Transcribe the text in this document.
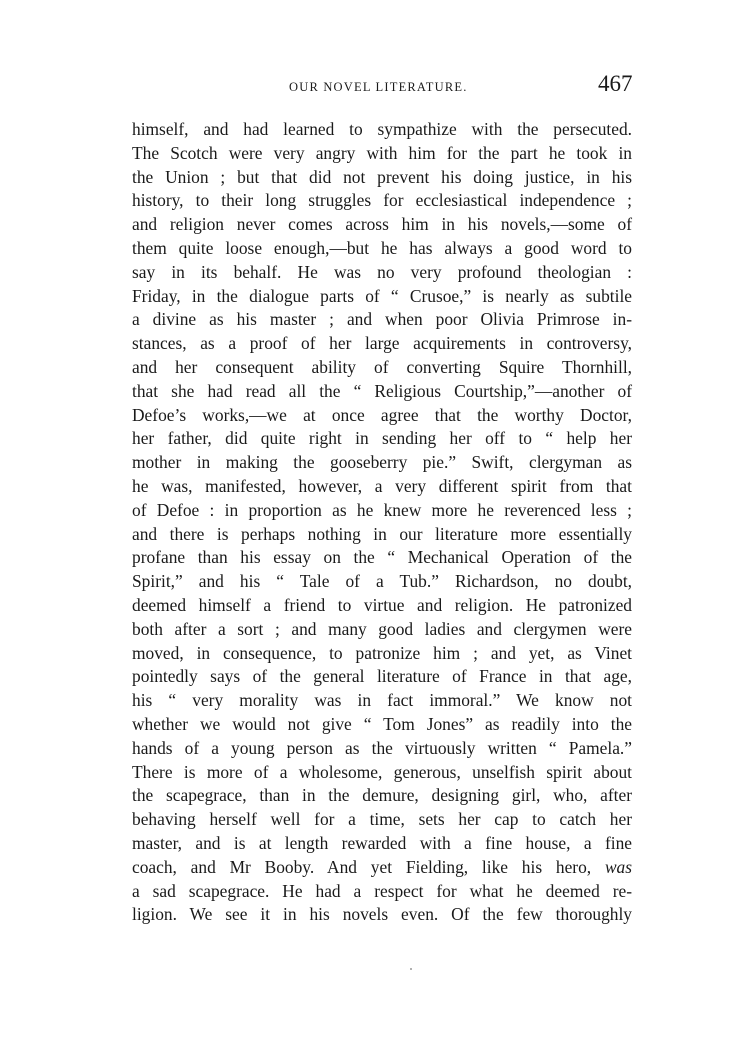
OUR NOVEL LITERATURE.	467
himself, and had learned to sympathize with the persecuted.
The Scotch were very angry with him for the part he took in
the Union ; but that did not prevent his doing justice, in his
history, to their long struggles for ecclesiastical independence ;
and religion never comes across him in his novels,—some of
them quite loose enough,—but he has always a good word to
say in its behalf. He was no very profound theologian :
Friday, in the dialogue parts of “ Crusoe,” is nearly as subtile
a divine as his master ; and when poor Olivia Primrose in-
stances, as a proof of her large acquirements in controversy,
and her consequent ability of converting Squire Thornhill,
that she had read all the “ Religious Courtship,”—another of
Defoe’s works,—we at once agree that the worthy Doctor,
her father, did quite right in sending her off to “ help her
mother in making the gooseberry pie.” Swift, clergyman as
he was, manifested, however, a very different spirit from that
of Defoe : in proportion as he knew more he reverenced less ;
and there is perhaps nothing in our literature more essentially
profane than his essay on the “ Mechanical Operation of the
Spirit,” and his “ Tale of a Tub.” Richardson, no doubt,
deemed himself a friend to virtue and religion. He patronized
both after a sort ; and many good ladies and clergymen were
moved, in consequence, to patronize him ; and yet, as Vinet
pointedly says of the general literature of France in that age,
his “ very morality was in fact immoral.” We know not
whether we would not give “ Tom Jones” as readily into the
hands of a young person as the virtuously written “ Pamela.”
There is more of a wholesome, generous, unselfish spirit about
the scapegrace, than in the demure, designing girl, who, after
behaving herself well for a time, sets her cap to catch her
master, and is at length rewarded with a fine house, a fine
coach, and Mr Booby. And yet Fielding, like his hero, was
a sad scapegrace. He had a respect for what he deemed re-
ligion. We see it in his novels even. Of the few thoroughly
